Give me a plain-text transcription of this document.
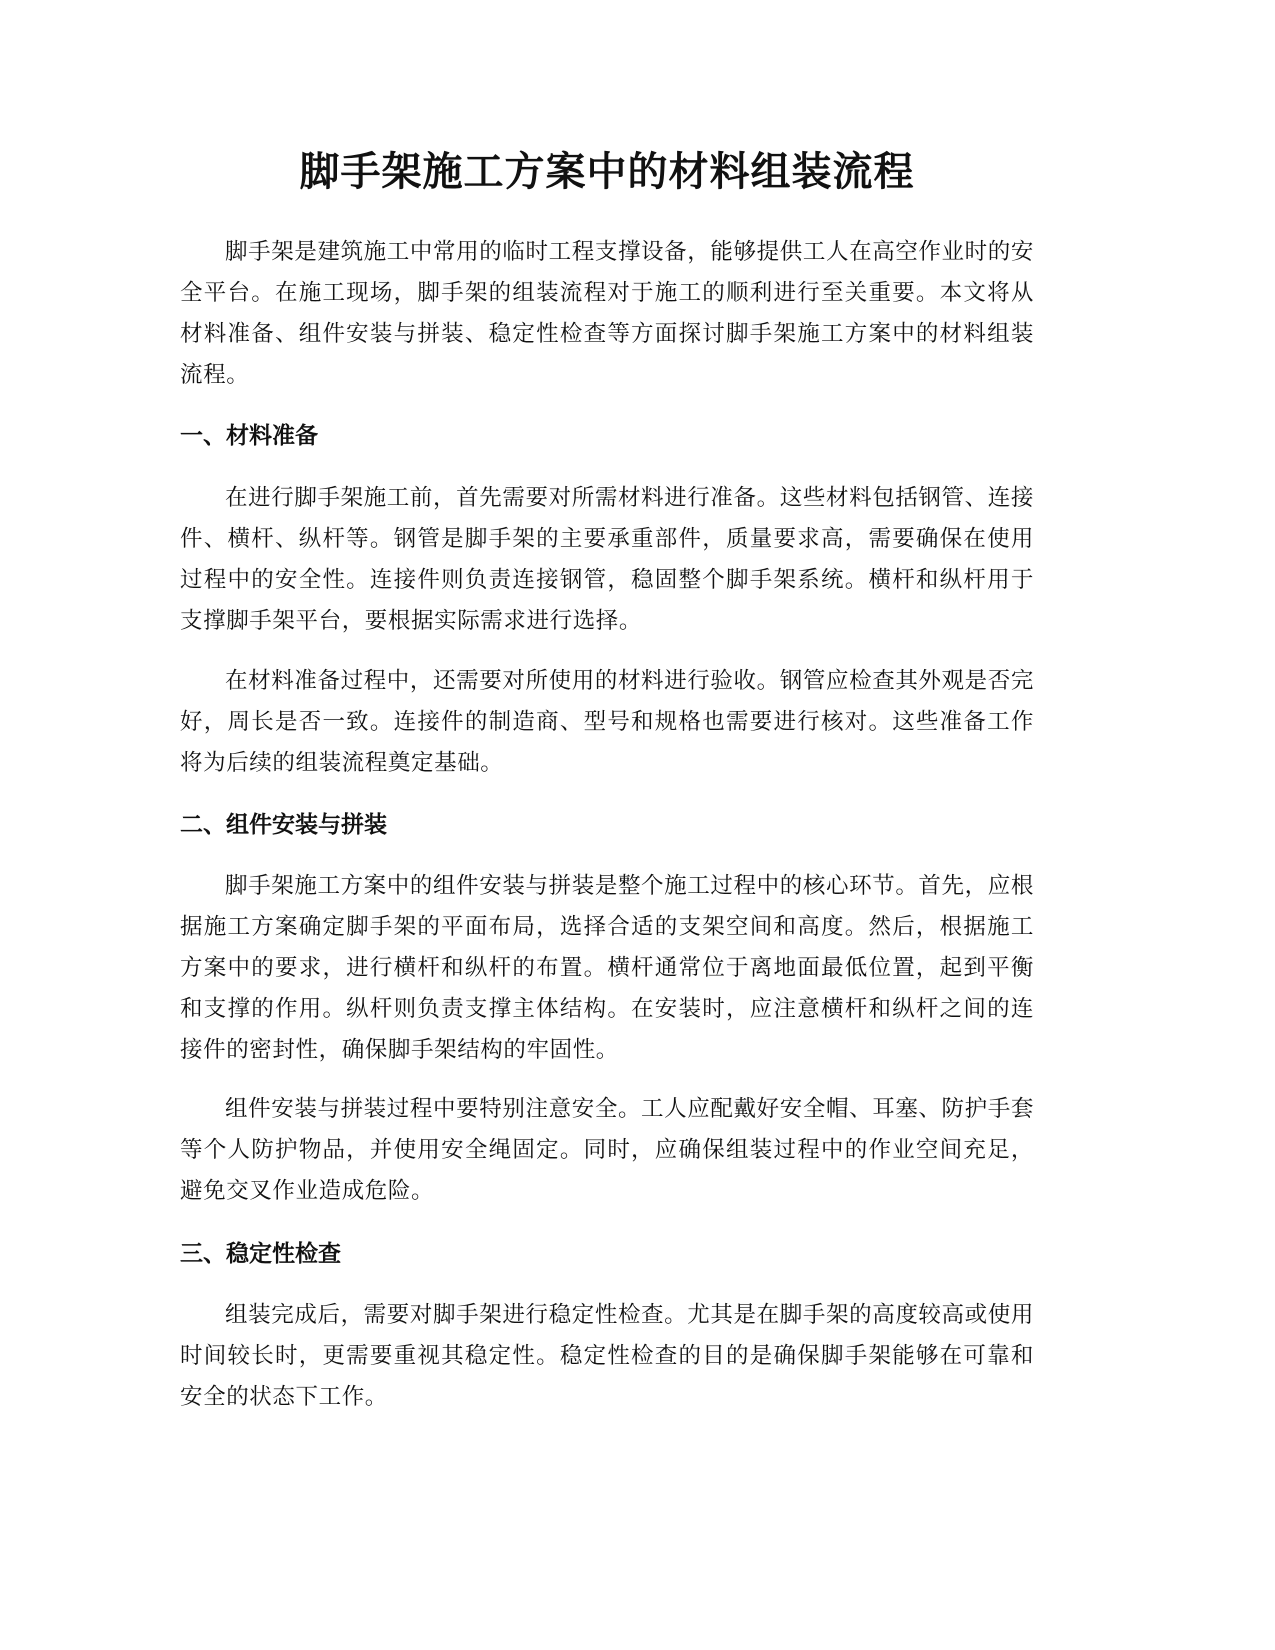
脚手架施工方案中的材料组装流程

脚手架是建筑施工中常用的临时工程支撑设备，能够提供工人在高空作业时的安全平台。在施工现场，脚手架的组装流程对于施工的顺利进行至关重要。本文将从材料准备、组件安装与拼装、稳定性检查等方面探讨脚手架施工方案中的材料组装流程。

一、材料准备

在进行脚手架施工前，首先需要对所需材料进行准备。这些材料包括钢管、连接件、横杆、纵杆等。钢管是脚手架的主要承重部件，质量要求高，需要确保在使用过程中的安全性。连接件则负责连接钢管，稳固整个脚手架系统。横杆和纵杆用于支撑脚手架平台，要根据实际需求进行选择。

在材料准备过程中，还需要对所使用的材料进行验收。钢管应检查其外观是否完好，周长是否一致。连接件的制造商、型号和规格也需要进行核对。这些准备工作将为后续的组装流程奠定基础。

二、组件安装与拼装

脚手架施工方案中的组件安装与拼装是整个施工过程中的核心环节。首先，应根据施工方案确定脚手架的平面布局，选择合适的支架空间和高度。然后，根据施工方案中的要求，进行横杆和纵杆的布置。横杆通常位于离地面最低位置，起到平衡和支撑的作用。纵杆则负责支撑主体结构。在安装时，应注意横杆和纵杆之间的连接件的密封性，确保脚手架结构的牢固性。

组件安装与拼装过程中要特别注意安全。工人应配戴好安全帽、耳塞、防护手套等个人防护物品，并使用安全绳固定。同时，应确保组装过程中的作业空间充足，避免交叉作业造成危险。

三、稳定性检查

组装完成后，需要对脚手架进行稳定性检查。尤其是在脚手架的高度较高或使用时间较长时，更需要重视其稳定性。稳定性检查的目的是确保脚手架能够在可靠和安全的状态下工作。
